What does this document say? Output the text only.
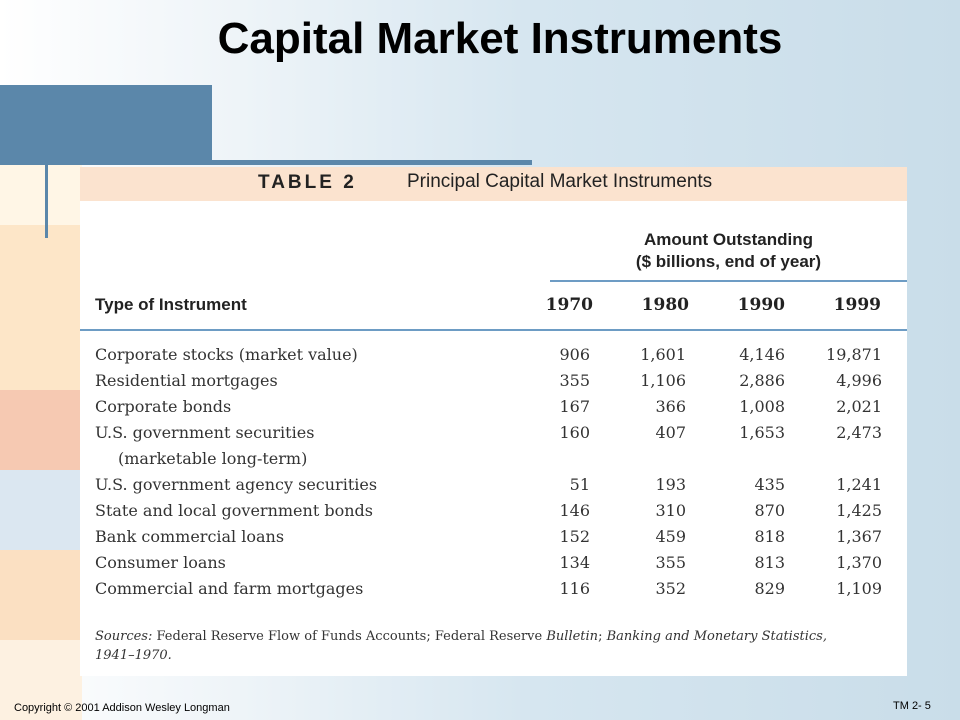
Capital Market Instruments
TABLE 2	Principal Capital Market Instruments
Amount Outstanding
($ billions, end of year)
Type of Instrument	1970	1980	1990	1999
Corporate stocks (market value)	906	1,601	4,146	19,871
Residential mortgages	355	1,106	2,886	4,996
Corporate bonds	167	366	1,008	2,021
U.S. government securities	160	407	1,653	2,473
(marketable long-term)
U.S. government agency securities	51	193	435	1,241
State and local government bonds	146	310	870	1,425
Bank commercial loans	152	459	818	1,367
Consumer loans	134	355	813	1,370
Commercial and farm mortgages	116	352	829	1,109
Sources: Federal Reserve Flow of Funds Accounts; Federal Reserve Bulletin; Banking and Monetary Statistics,
1941–1970.
Copyright © 2001 Addison Wesley Longman	TM 2- 5
